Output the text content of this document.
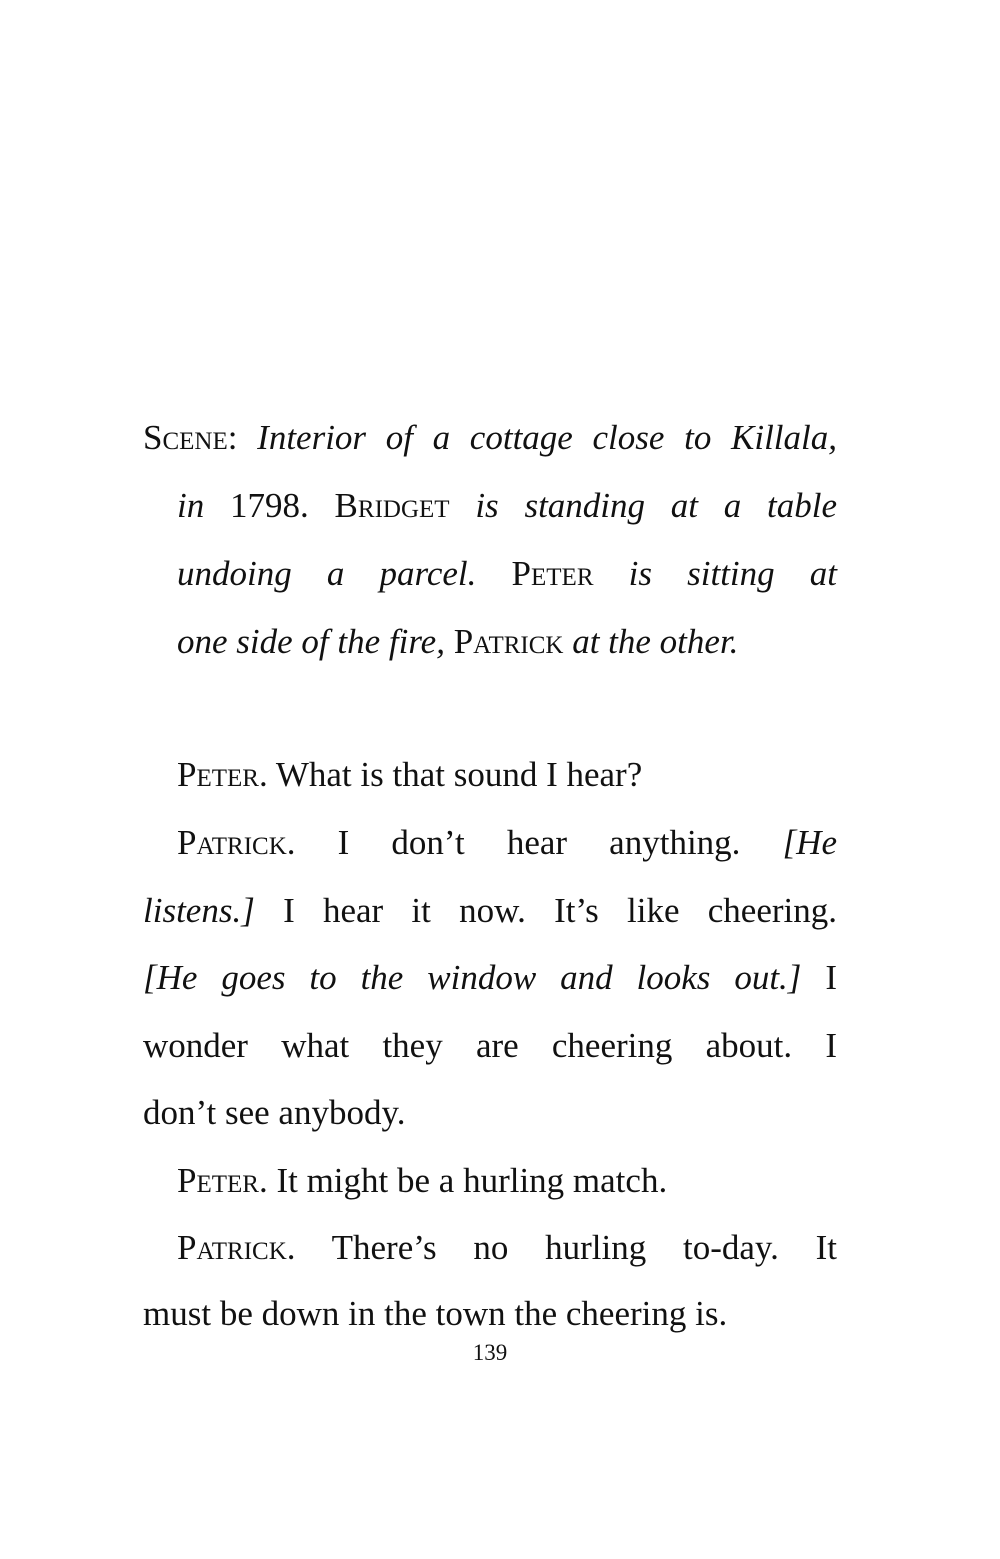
Scene: Interior of a cottage close to Killala,
in 1798. Bridget is standing at a table
undoing a parcel. Peter is sitting at
one side of the fire, Patrick at the other.
Peter. What is that sound I hear?
Patrick. I don’t hear anything. [He
listens.] I hear it now. It’s like cheering.
[He goes to the window and looks out.] I
wonder what they are cheering about. I
don’t see anybody.
Peter. It might be a hurling match.
Patrick. There’s no hurling to-day. It
must be down in the town the cheering is.
139
